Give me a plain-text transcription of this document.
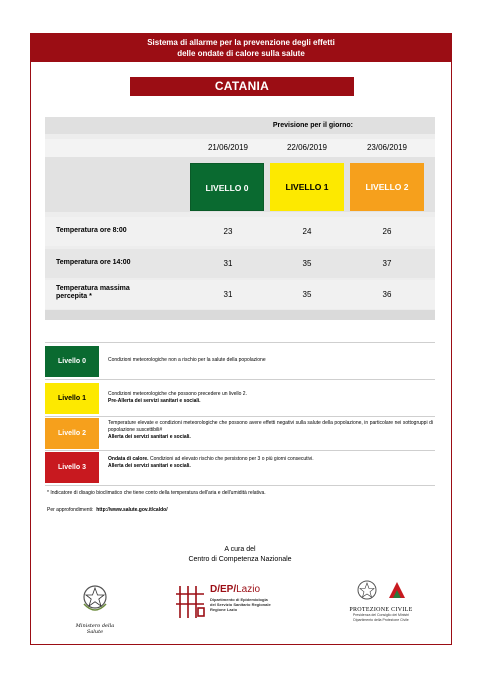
Sistema di allarme per la prevenzione degli effetti
delle ondate di calore sulla salute
CATANIA
Previsione per il giorno:
21/06/2019	22/06/2019	23/06/2019
LIVELLO 0	LIVELLO 1	LIVELLO 2
Temperatura ore 8:00	23	24	26
Temperatura ore 14:00	31	35	37
Temperatura massima
percepita *	31	35	36
Livello 0	Condizioni meteorologiche non a rischio per la salute della popolazione
Livello 1
Condizioni meteorologiche che possono precedere un livello 2.
Pre-Allerta dei servizi sanitari e sociali.
Livello 2
Temperature elevate e condizioni meteorologiche che possono avere effetti negativi sulla salute della popolazione, in particolare nei sottogruppi di popolazione suscettibili#
Allerta dei servizi sanitari e sociali.
Livello 3
Ondata di calore. Condizioni ad elevato rischio che persistono per 3 o più giorni consecutivi.
Allerta dei servizi sanitari e sociali.
* Indicatore di disagio bioclimatico che tiene conto della temperatura dell'aria e dell'umidità relativa.
Per approfondimenti: http://www.salute.gov.it/caldo/
A cura del
Centro di Competenza Nazionale
Ministero della Salute
D/EP/Lazio
Dipartimento di Epidemiologia
del Servizio Sanitario Regionale
Regione Lazio	PROTEZIONE CIVILE
Presidenza del Consiglio dei Ministri
Dipartimento della Protezione Civile
